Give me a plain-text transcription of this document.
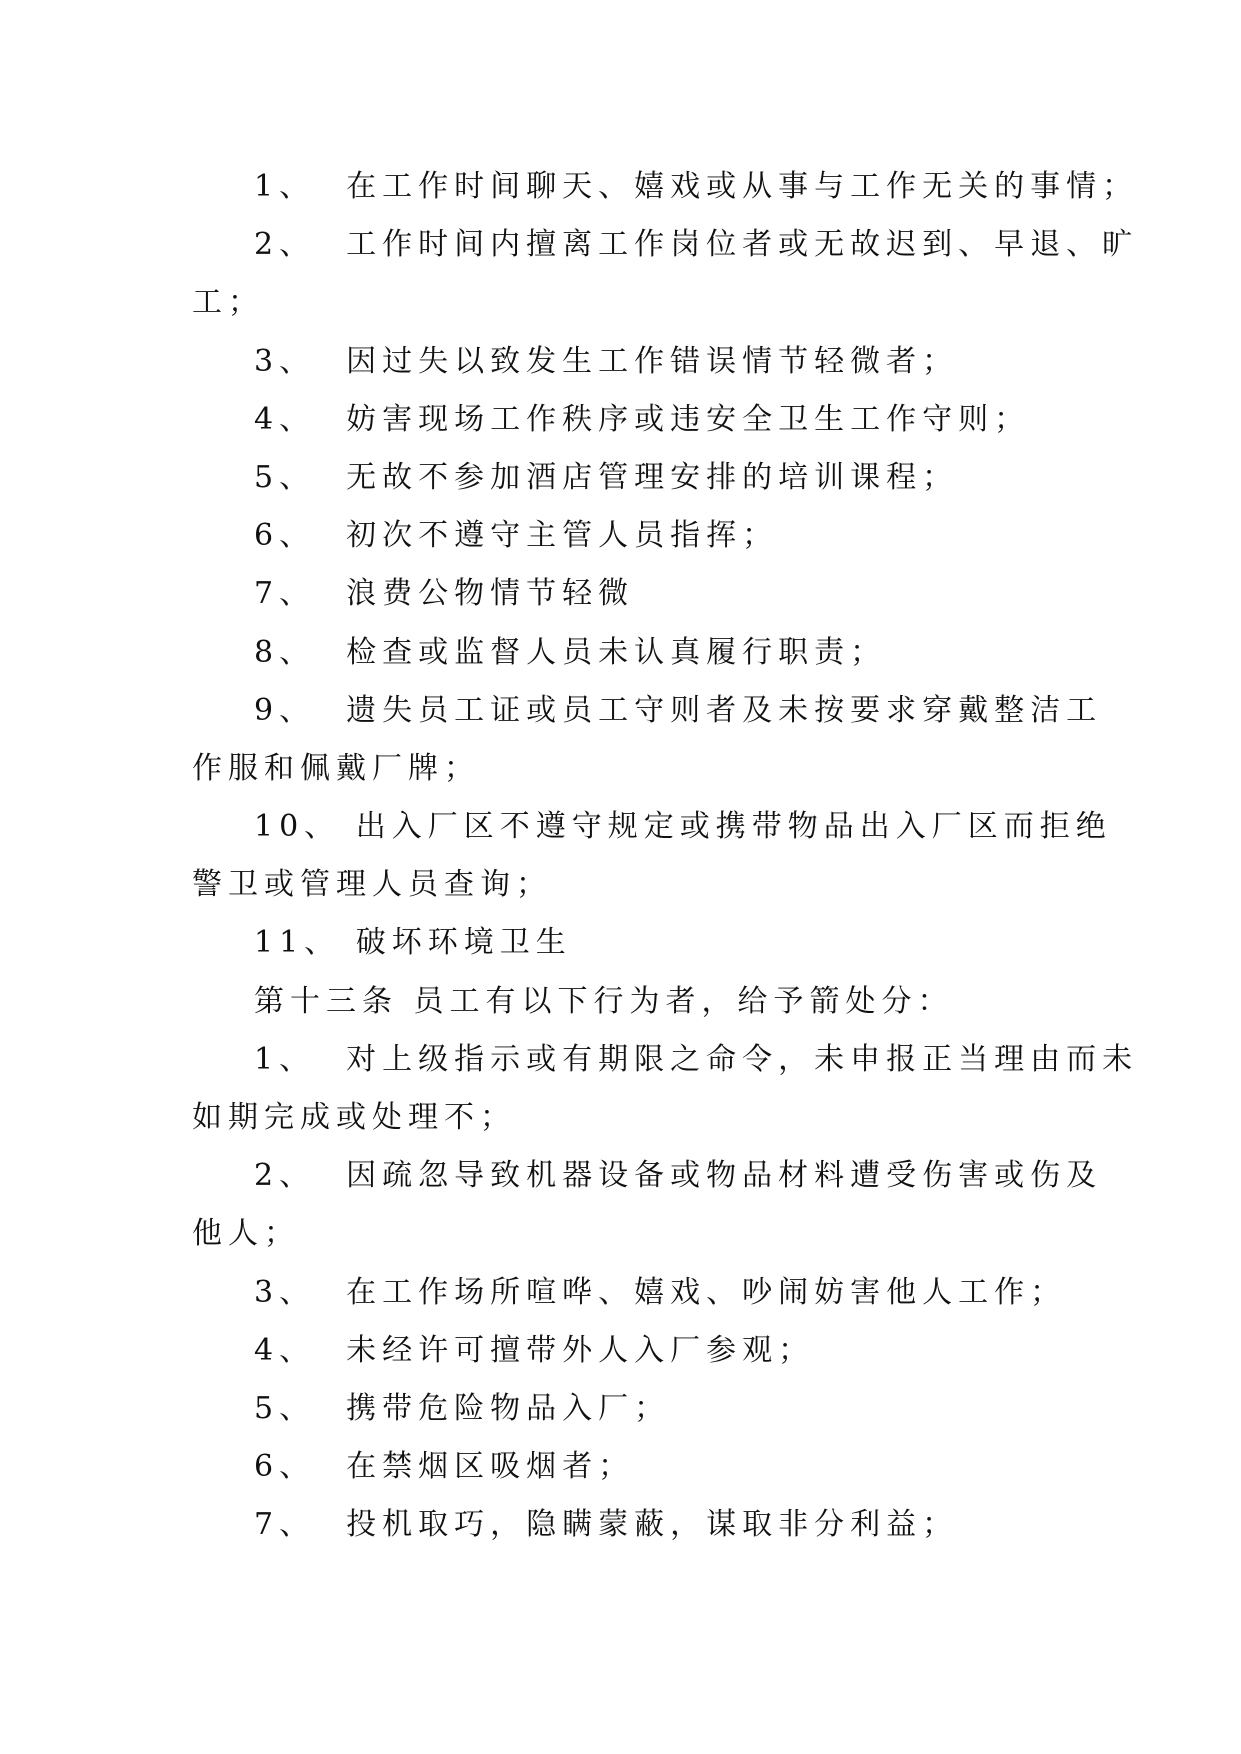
1、  在工作时间聊天、嬉戏或从事与工作无关的事情；

2、  工作时间内擅离工作岗位者或无故迟到、早退、旷

工；

3、  因过失以致发生工作错误情节轻微者；

4、  妨害现场工作秩序或违安全卫生工作守则；

5、  无故不参加酒店管理安排的培训课程；

6、  初次不遵守主管人员指挥；

7、  浪费公物情节轻微

8、  检查或监督人员未认真履行职责；

9、  遗失员工证或员工守则者及未按要求穿戴整洁工

作服和佩戴厂牌；

10、 出入厂区不遵守规定或携带物品出入厂区而拒绝

警卫或管理人员查询；

11、 破坏环境卫生

第十三条 员工有以下行为者，给予箭处分：

1、  对上级指示或有期限之命令，未申报正当理由而未

如期完成或处理不；

2、  因疏忽导致机器设备或物品材料遭受伤害或伤及

他人；

3、  在工作场所喧哗、嬉戏、吵闹妨害他人工作；

4、  未经许可擅带外人入厂参观；

5、  携带危险物品入厂；

6、  在禁烟区吸烟者；

7、  投机取巧，隐瞒蒙蔽，谋取非分利益；
